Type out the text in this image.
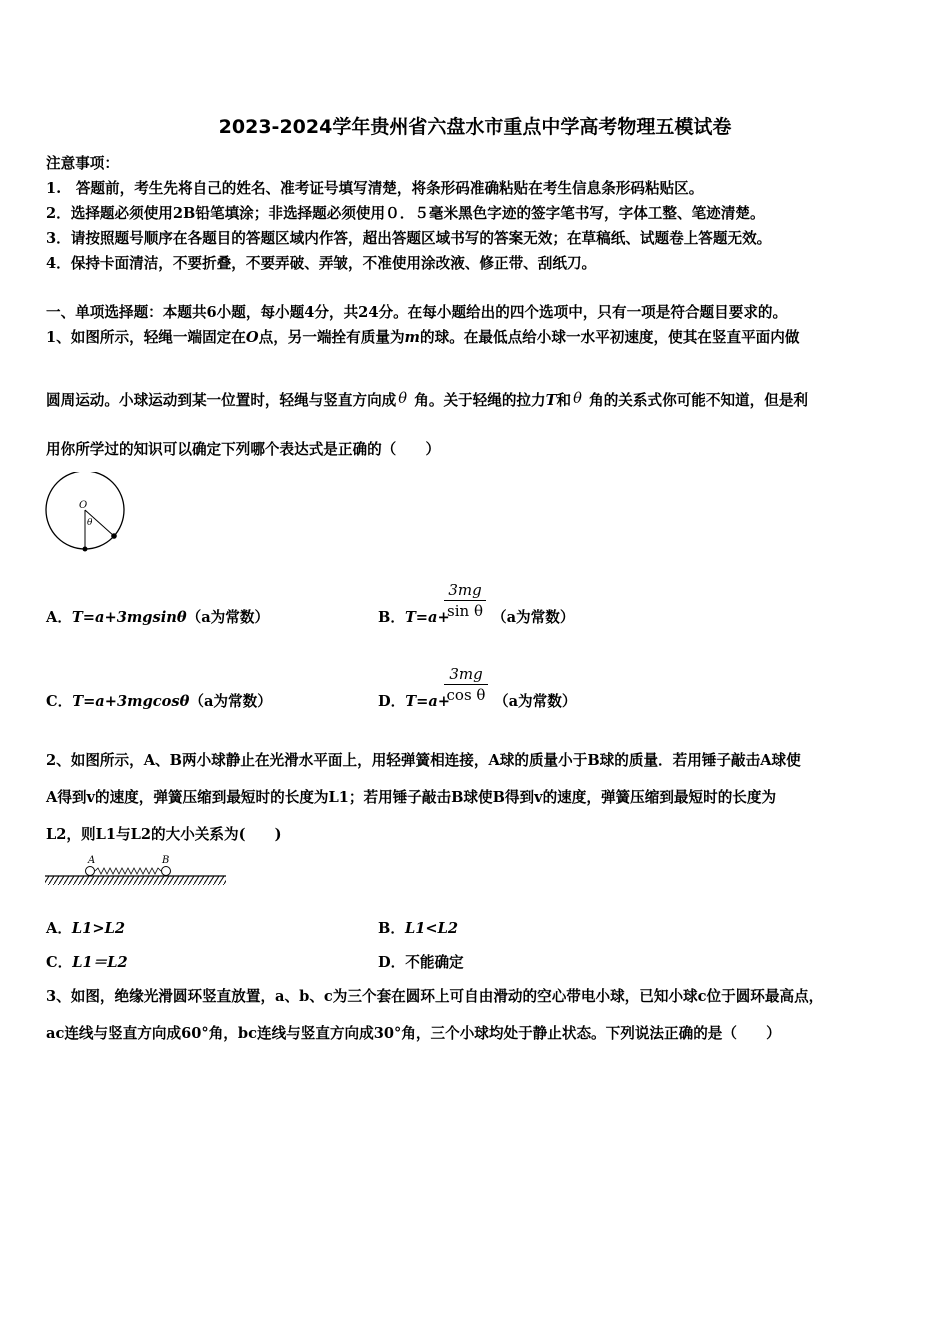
2023-2024学年贵州省六盘水市重点中学高考物理五模试卷
注意事项：
1.　答题前，考生先将自己的姓名、准考证号填写清楚，将条形码准确粘贴在考生信息条形码粘贴区。
2．选择题必须使用2B铅笔填涂；非选择题必须使用０．５毫米黑色字迹的签字笔书写，字体工整、笔迹清楚。
3．请按照题号顺序在各题目的答题区域内作答，超出答题区域书写的答案无效；在草稿纸、试题卷上答题无效。
4．保持卡面清洁，不要折叠，不要弄破、弄皱，不准使用涂改液、修正带、刮纸刀。
一、单项选择题：本题共6小题，每小题4分，共24分。在每小题给出的四个选项中，只有一项是符合题目要求的。
1、如图所示，轻绳一端固定在O点，另一端拴有质量为m的球。在最低点给小球一水平初速度，使其在竖直平面内做
圆周运动。小球运动到某一位置时，轻绳与竖直方向成 θ 角。关于轻绳的拉力T和 θ 角的关系式你可能不知道，但是利
用你所学过的知识可以确定下列哪个表达式是正确的（　　）
O
θ
A．T=a+3mgsinθ（a为常数）	B．T=a+
3mg
sin θ （a为常数）
C．T=a+3mgcosθ（a为常数）	D．T=a+
3mg
cos θ （a为常数）
2、如图所示，A、B两小球静止在光滑水平面上，用轻弹簧相连接，A球的质量小于B球的质量．若用锤子敲击A球使
A得到v的速度，弹簧压缩到最短时的长度为L1；若用锤子敲击B球使B得到v的速度，弹簧压缩到最短时的长度为
L2，则L1与L2的大小关系为(　　)
A	B
A．L1>L2	B．L1<L2
C．L1＝L2	D．不能确定
3、如图，绝缘光滑圆环竖直放置，a、b、c为三个套在圆环上可自由滑动的空心带电小球，已知小球c位于圆环最高点，
ac连线与竖直方向成60°角，bc连线与竖直方向成30°角，三个小球均处于静止状态。下列说法正确的是（　　）
